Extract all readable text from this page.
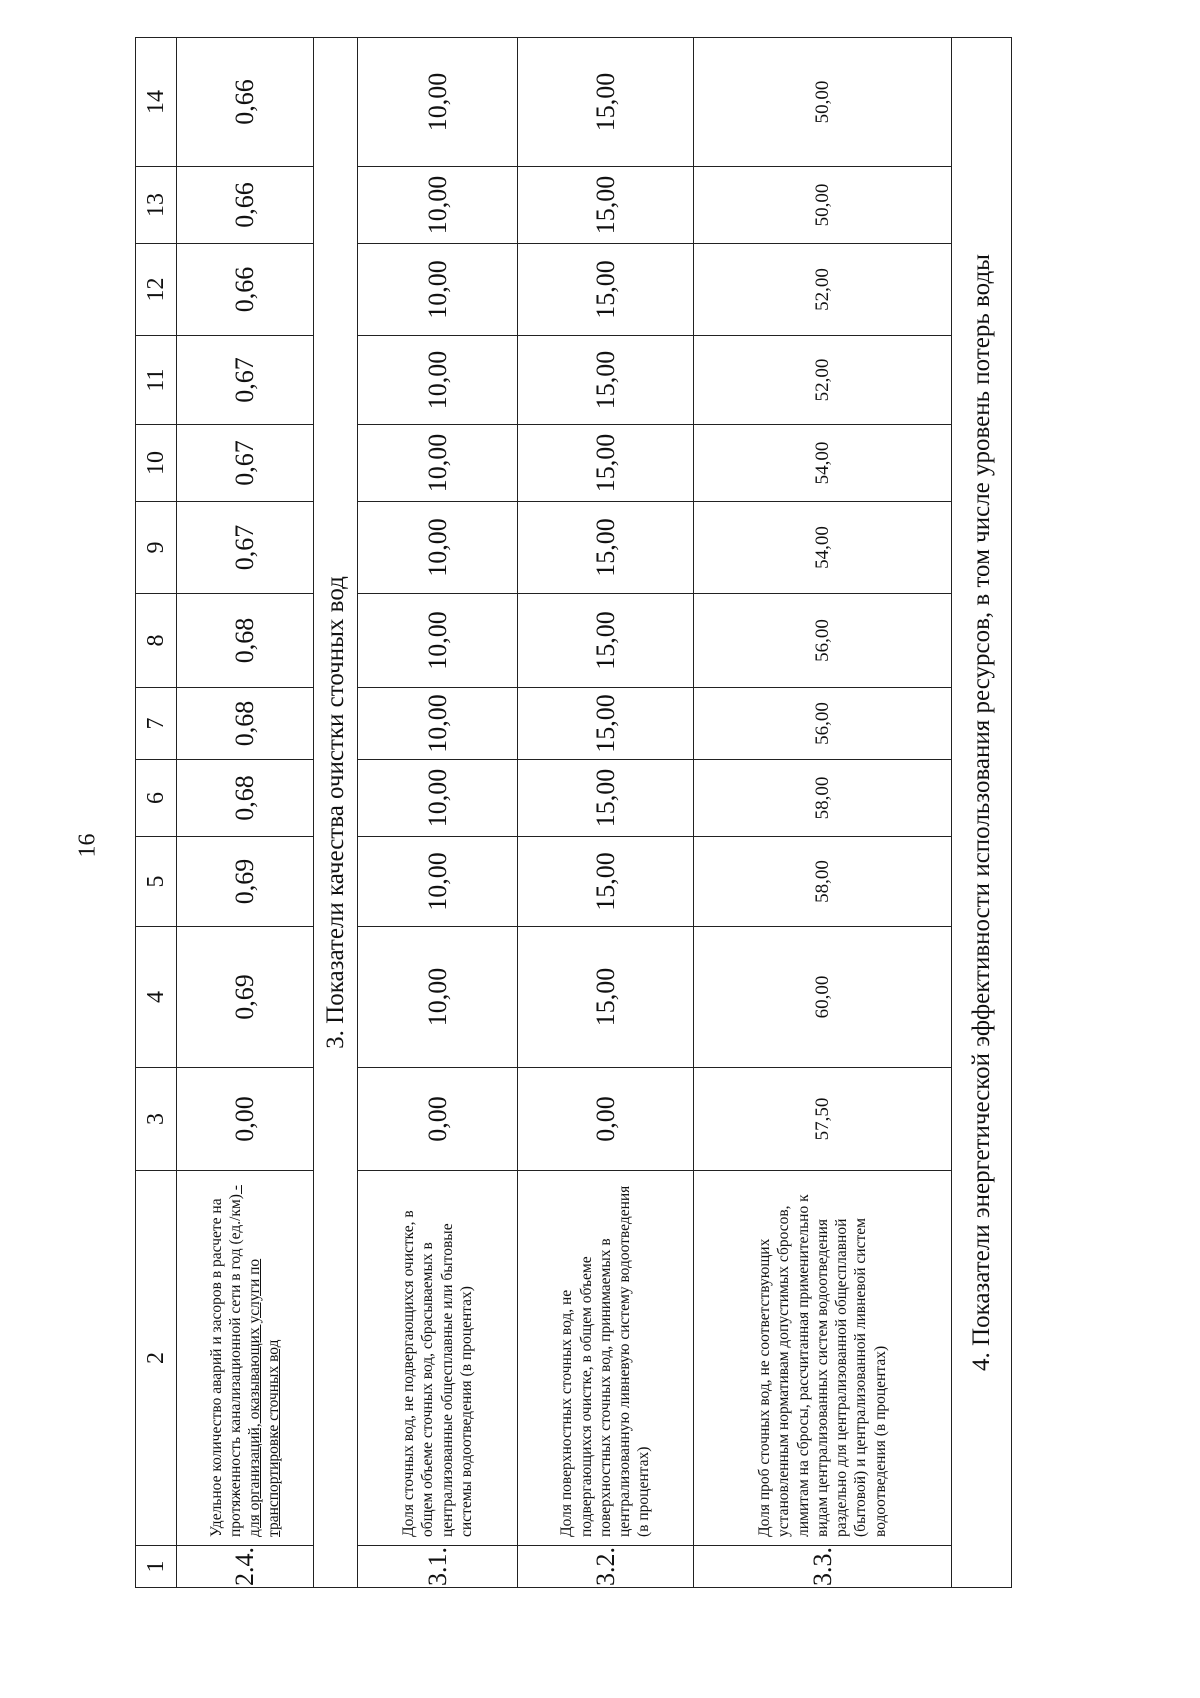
16
1	2	3	4	5	6	7	8	9	10	11	12	13	14
2.4.	Удельное количество аварий и засоров в расчете на протяженность канализационной сети в год (ед./км) - для организаций, оказывающих услуги по транспортировке сточных вод	0,00	0,69	0,69	0,68	0,68	0,68	0,67	0,67	0,67	0,66	0,66	0,66
3. Показатели качества очистки сточных вод													
3.1.	Доля сточных вод, не подвергающихся очистке, в общем объеме сточных вод, сбрасываемых в централизованные общесплавные или бытовые системы водоотведения (в процентах)	0,00	10,00	10,00	10,00	10,00	10,00	10,00	10,00	10,00	10,00	10,00	10,00
3.2.	Доля поверхностных сточных вод, не подвергающихся очистке, в общем объеме поверхностных сточных вод, принимаемых в централизованную ливневую систему водоотведения (в процентах)	0,00	15,00	15,00	15,00	15,00	15,00	15,00	15,00	15,00	15,00	15,00	15,00
3.3.	Доля проб сточных вод, не соответствующих установленным нормативам допустимых сбросов, лимитам на сбросы, рассчитанная применительно к видам централизованных систем водоотведения раздельно для централизованной общесплавной (бытовой) и централизованной ливневой систем водоотведения (в процентах)	57,50	60,00	58,00	58,00	56,00	56,00	54,00	54,00	52,00	52,00	50,00	50,00
4. Показатели энергетической эффективности использования ресурсов, в том числе уровень потерь воды													
